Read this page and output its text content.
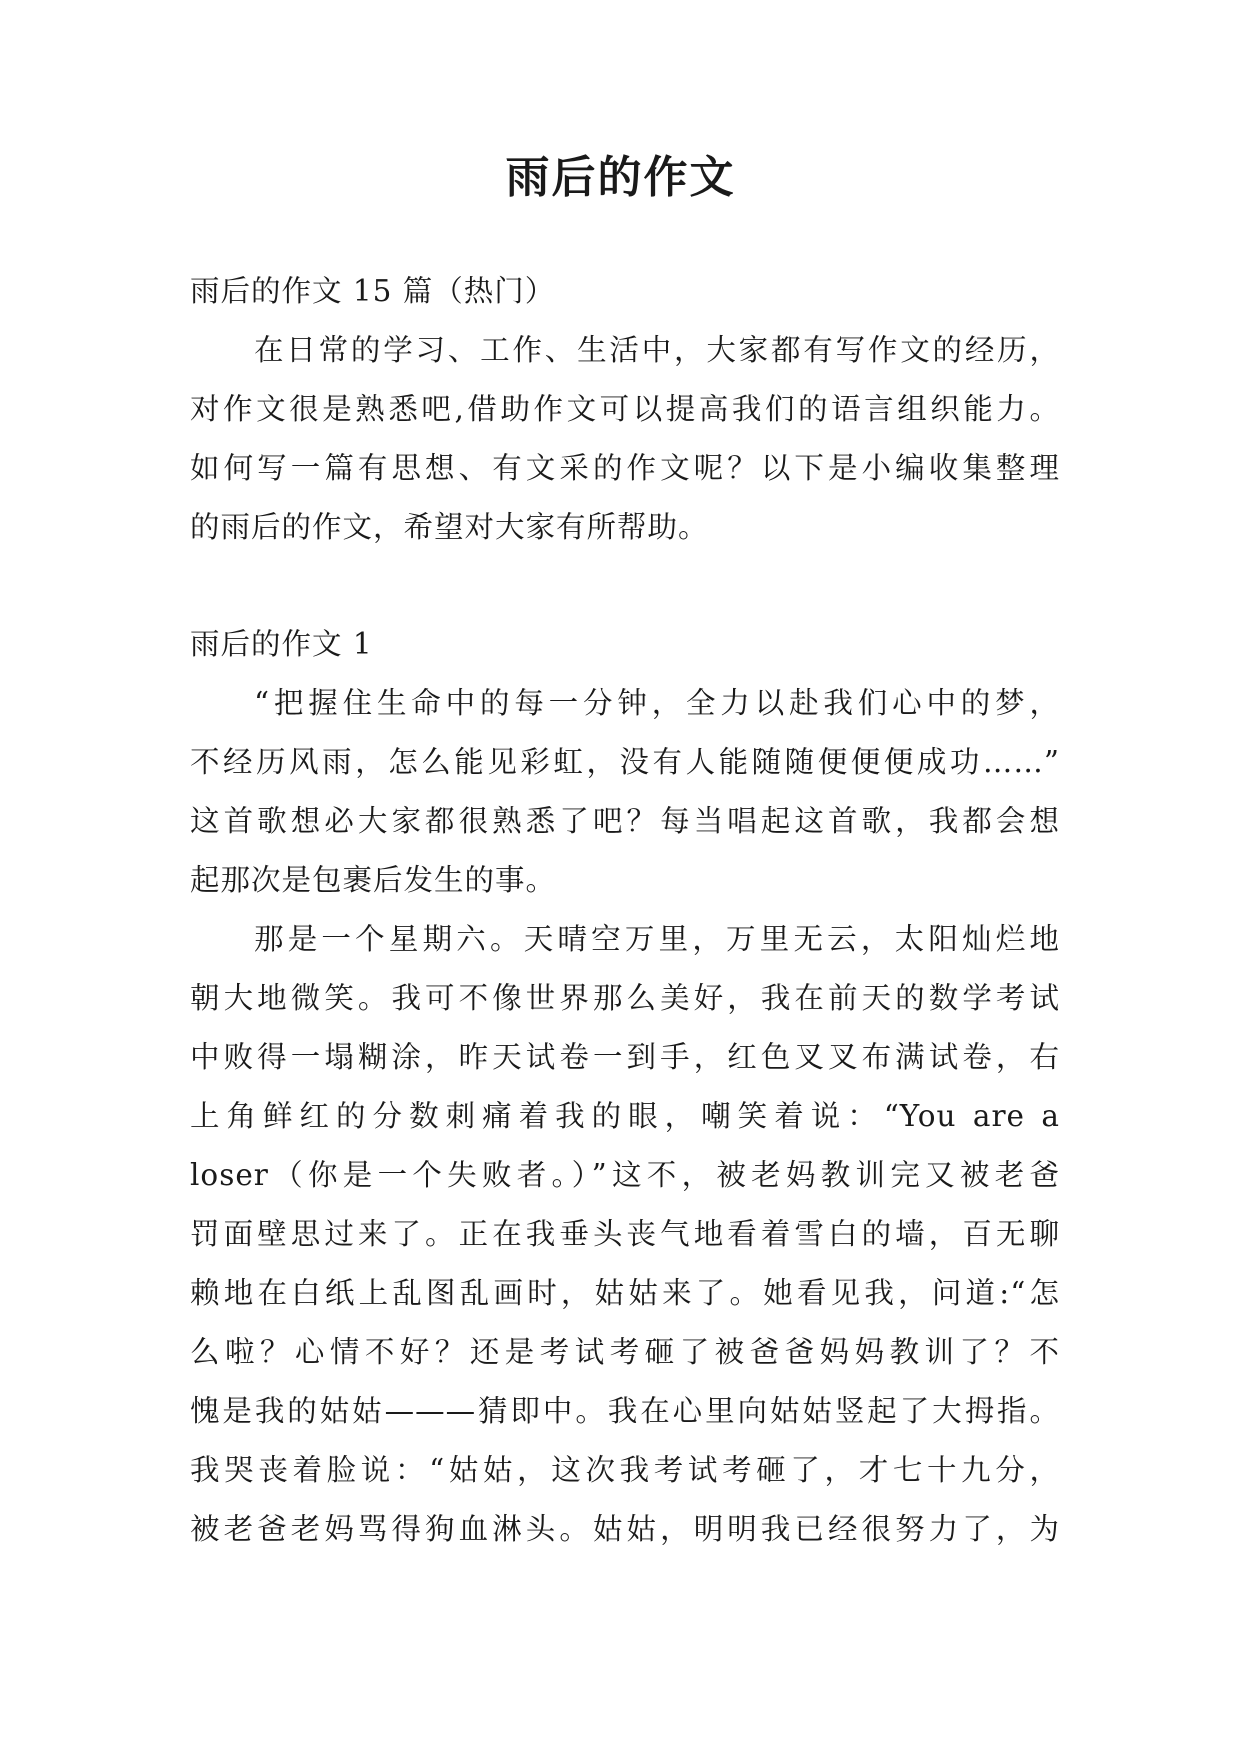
雨后的作文
雨后的作文 15 篇（热门）
在日常的学习、工作、生活中，大家都有写作文的经历，
对作文很是熟悉吧,借助作文可以提高我们的语言组织能力。
如何写一篇有思想、有文采的作文呢？以下是小编收集整理
的雨后的作文，希望对大家有所帮助。
雨后的作文 1
“把握住生命中的每一分钟，全力以赴我们心中的梦，
不经历风雨，怎么能见彩虹，没有人能随随便便便成功……”
这首歌想必大家都很熟悉了吧？每当唱起这首歌，我都会想
起那次是包裹后发生的事。
那是一个星期六。天晴空万里，万里无云，太阳灿烂地
朝大地微笑。我可不像世界那么美好，我在前天的数学考试
中败得一塌糊涂，昨天试卷一到手，红色叉叉布满试卷，右
上角鲜红的分数刺痛着我的眼，嘲笑着说：“You are a
loser（你是一个失败者。）”这不，被老妈教训完又被老爸
罚面壁思过来了。正在我垂头丧气地看着雪白的墙，百无聊
赖地在白纸上乱图乱画时，姑姑来了。她看见我，问道:“怎
么啦？心情不好？还是考试考砸了被爸爸妈妈教训了？不
愧是我的姑姑———猜即中。我在心里向姑姑竖起了大拇指。
我哭丧着脸说：“姑姑，这次我考试考砸了，才七十九分，
被老爸老妈骂得狗血淋头。姑姑，明明我已经很努力了，为
